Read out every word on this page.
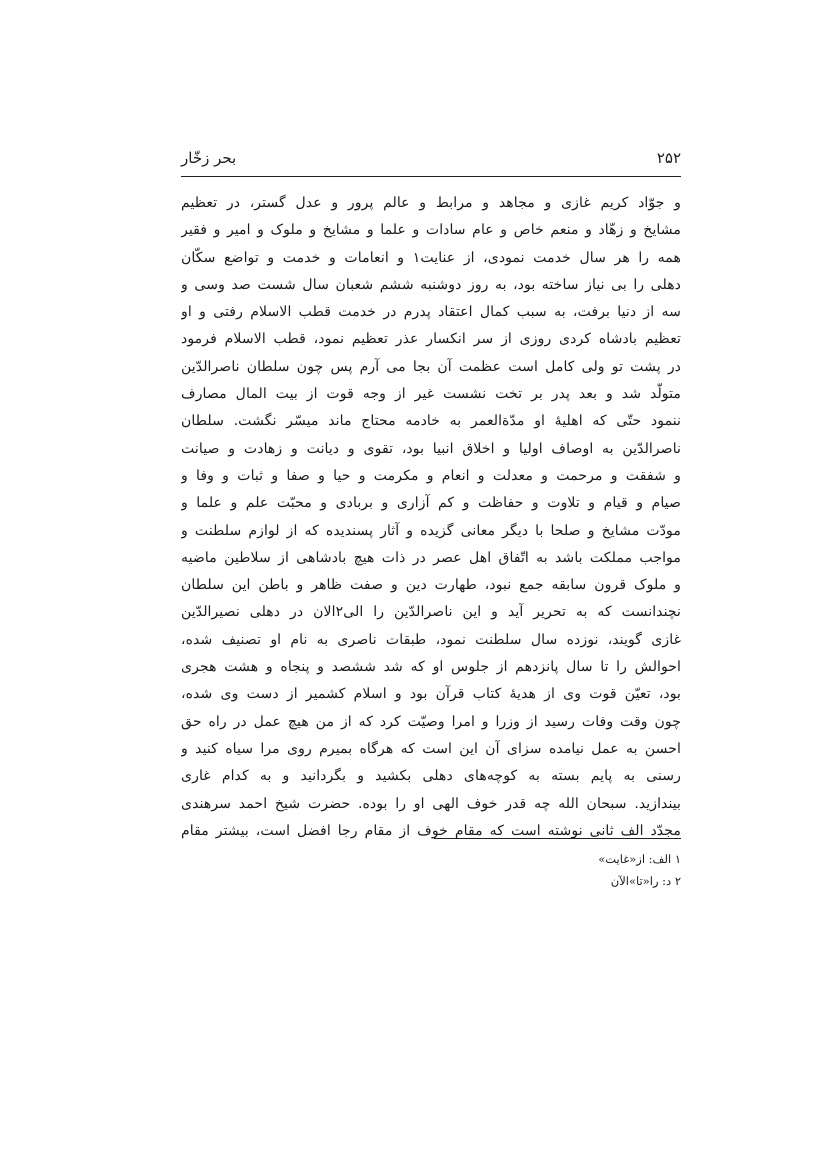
۲۵۲
بحر زخّار
و جوّاد کریم غازی و مجاهد و مرابط و عالم پرور و عدل گستر، در تعظیم
مشایخ و زهّاد و منعم خاص و عام سادات و علما و مشایخ و ملوک و امیر و فقیر
همه را هر سال خدمت نمودی، از عنایت۱ و انعامات و خدمت و تواضع سکّان
دهلی را بی نیاز ساخته بود، به روز دوشنبه ششم شعبان سال شست صد وسی و
سه از دنیا برفت، به سبب کمال اعتقاد پدرم در خدمت قطب الاسلام رفتی و او
تعظیم بادشاه کردی روزی از سر انکسار عذر تعظیم نمود، قطب الاسلام فرمود
در پشت تو ولی کامل است عظمت آن بجا می آرم پس چون سلطان ناصرالدّین
متولّد شد و بعد پدر بر تخت نشست غیر از وجه قوت از بیت المال مصارف
ننمود حتّی که اهلیهٔ او مدّةالعمر به خادمه محتاج ماند میسّر نگشت. سلطان
ناصرالدّین به اوصاف اولیا و اخلاق انبیا بود، تقوی و دیانت و زهادت و صیانت
و شفقت و مرحمت و معدلت و انعام و مکرمت و حیا و صفا و ثبات و وفا و
صیام و قیام و تلاوت و حفاظت و کم آزاری و بربادی و محبّت علم و علما و
مودّت مشایخ و صلحا با دیگر معانی گزیده و آثار پسندیده که از لوازم سلطنت و
مواجب مملکت باشد به اتّفاق اهل عصر در ذات هیچ بادشاهی از سلاطین ماضیه
و ملوک قرون سابقه جمع نبود، طهارت دین و صفت ظاهر و باطن این سلطان
نچندانست که به تحریر آید و این ناصرالدّین را الی۲الان در دهلی نصیرالدّین
غازی گویند، نوزده سال سلطنت نمود، طبقات ناصری به نام او تصنیف شده،
احوالش را تا سال پانزدهم از جلوس او که شد ششصد و پنجاه و هشت هجری
بود، تعیّن قوت وی از هدیهٔ کتاب قرآن بود و اسلام کشمیر از دست وی شده،
چون وقت وفات رسید از وزرا و امرا وصیّت کرد که از من هیچ عمل در راه حق
احسن به عمل نیامده سزای آن این است که هرگاه بمیرم روی مرا سیاه کنید و
رسنی به پایم بسته به کوچه‌های دهلی بکشید و بگردانید و به کدام غاری
بیندازید. سبحان الله چه قدر خوف الهی او را بوده. حضرت شیخ احمد سرهندی
مجدّد الف ثانی نوشته است که مقام خوف از مقام رجا افضل است، بیشتر مقام
۱ الف: از«غایت»
۲ د: را«تا»الآن
